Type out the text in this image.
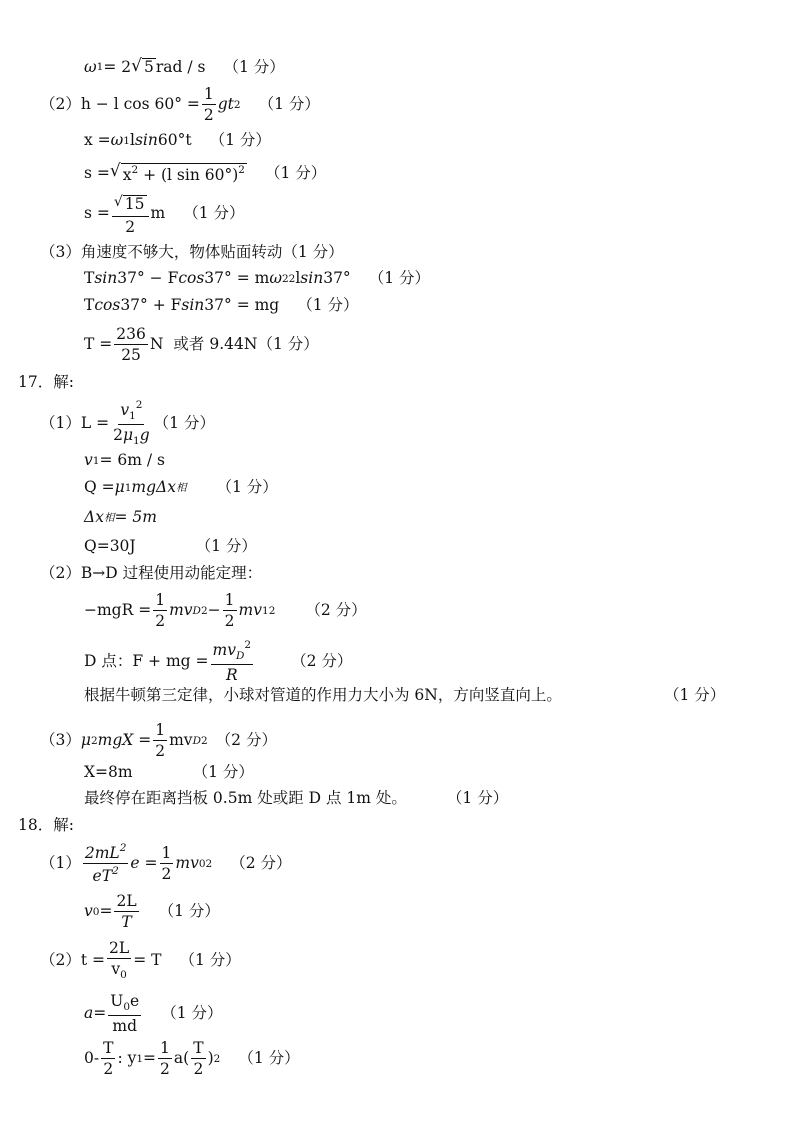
ω 1 = 2 √ 5 rad / s （1 分）
（2） h − l $\cos 60^\circ = \frac{1}{2}$ gt 2 （1 分）
x = ω 1 l sin 60°t （1 分）
s = √ $x^2 + (l$ sin 60°)$^2$ （1 分）
$s = \frac{√ 15}{2}$ m （1 分）
（3） 角速度不够大，物体贴面转动 （1 分）
T sin 37° − F cos 37° = m ω 2 2 l sin 37° （1 分）
T cos 37° + F sin 37° = mg （1 分）
$T = \frac{236}{25}$ N 或者 9.44N （1 分）
17．解:
（1） $L = \frac{v_1^2}{2\mu_1g} (1$ 分）
v 1 = 6m / s
Q = μ 1 mg Δx 相 （1 分）
Δx 相 = 5m
Q=30J	（1 分）
（2） B→D 过程使用动能定理：
$-mgR = \frac{1}{2}$ mv D $2 - \frac{1}{2}$ mv 1 2 （2 分）
D 点： F + mg = $\frac{mv_D^2}{R} (2$ 分）
根据牛顿第三定律，小球对管道的作用力大小为 6N，方向竖直向上。	（1 分）
（3） μ 2 mgX = $\frac{1}{2}$ mv D 2 （2 分）
X=8m	（1 分）
最终停在距离挡板 0.5m 处或距 D 点 1m 处。	（1 分）
18．解:
$(1) \frac{2mL^2}{eT^2}$ $e = \frac{1}{2}$ mv 0 2 （2 分）
v $0 = \frac{2L}{T} (1$ 分）
（2） $t = \frac{2L}{v_0} = T$ （1 分）
$a = \frac{U_0e}{md} (1$ 分）
$0- \frac{T}{2}$ : y $1 = \frac{1}{2} a( \frac{T}{2}$ ) 2 （1 分）
